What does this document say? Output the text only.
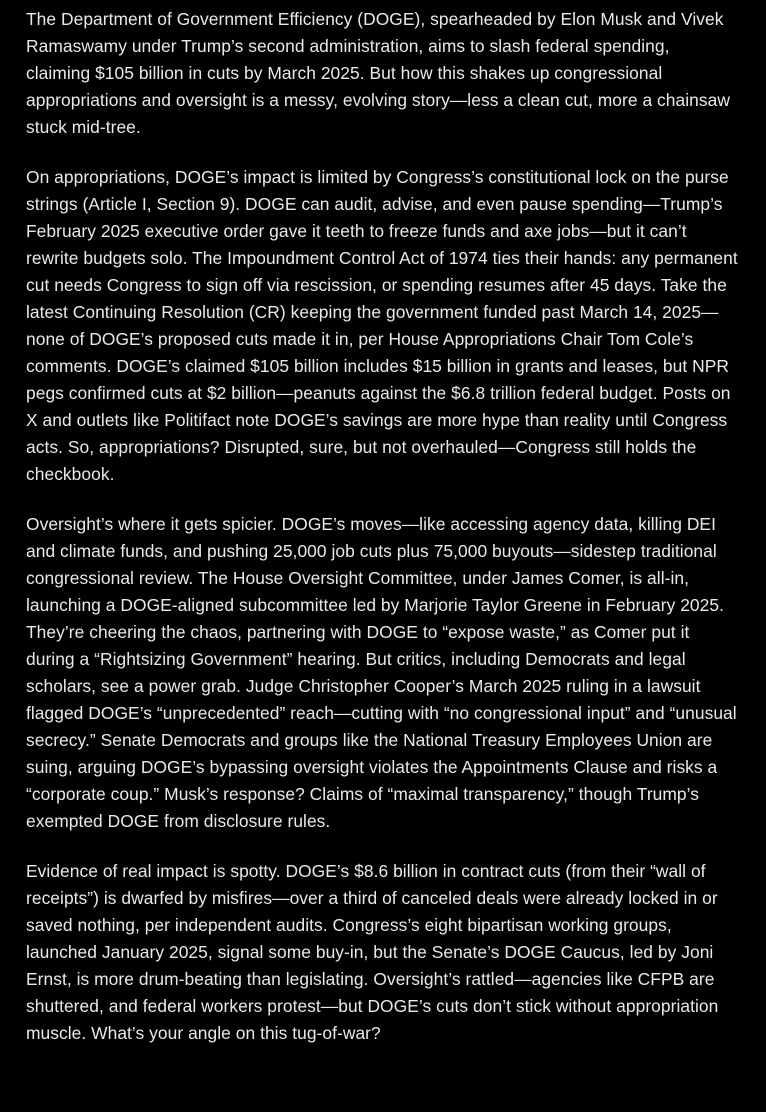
The Department of Government Efficiency (DOGE), spearheaded by Elon Musk and Vivek Ramaswamy under Trump’s second administration, aims to slash federal spending, claiming $105 billion in cuts by March 2025. But how this shakes up congressional appropriations and oversight is a messy, evolving story—less a clean cut, more a chainsaw stuck mid-tree.

On appropriations, DOGE’s impact is limited by Congress’s constitutional lock on the purse strings (Article I, Section 9). DOGE can audit, advise, and even pause spending—Trump’s February 2025 executive order gave it teeth to freeze funds and axe jobs—but it can’t rewrite budgets solo. The Impoundment Control Act of 1974 ties their hands: any permanent cut needs Congress to sign off via rescission, or spending resumes after 45 days. Take the latest Continuing Resolution (CR) keeping the government funded past March 14, 2025—none of DOGE’s proposed cuts made it in, per House Appropriations Chair Tom Cole’s comments. DOGE’s claimed $105 billion includes $15 billion in grants and leases, but NPR pegs confirmed cuts at $2 billion—peanuts against the $6.8 trillion federal budget. Posts on X and outlets like Politifact note DOGE’s savings are more hype than reality until Congress acts. So, appropriations? Disrupted, sure, but not overhauled—Congress still holds the checkbook.

Oversight’s where it gets spicier. DOGE’s moves—like accessing agency data, killing DEI and climate funds, and pushing 25,000 job cuts plus 75,000 buyouts—sidestep traditional congressional review. The House Oversight Committee, under James Comer, is all-in, launching a DOGE-aligned subcommittee led by Marjorie Taylor Greene in February 2025. They’re cheering the chaos, partnering with DOGE to “expose waste,” as Comer put it during a “Rightsizing Government” hearing. But critics, including Democrats and legal scholars, see a power grab. Judge Christopher Cooper’s March 2025 ruling in a lawsuit flagged DOGE’s “unprecedented” reach—cutting with “no congressional input” and “unusual secrecy.” Senate Democrats and groups like the National Treasury Employees Union are suing, arguing DOGE’s bypassing oversight violates the Appointments Clause and risks a “corporate coup.” Musk’s response? Claims of “maximal transparency,” though Trump’s exempted DOGE from disclosure rules.

Evidence of real impact is spotty. DOGE’s $8.6 billion in contract cuts (from their “wall of receipts”) is dwarfed by misfires—over a third of canceled deals were already locked in or saved nothing, per independent audits. Congress’s eight bipartisan working groups, launched January 2025, signal some buy-in, but the Senate’s DOGE Caucus, led by Joni Ernst, is more drum-beating than legislating. Oversight’s rattled—agencies like CFPB are shuttered, and federal workers protest—but DOGE’s cuts don’t stick without appropriation muscle. What’s your angle on this tug-of-war?
